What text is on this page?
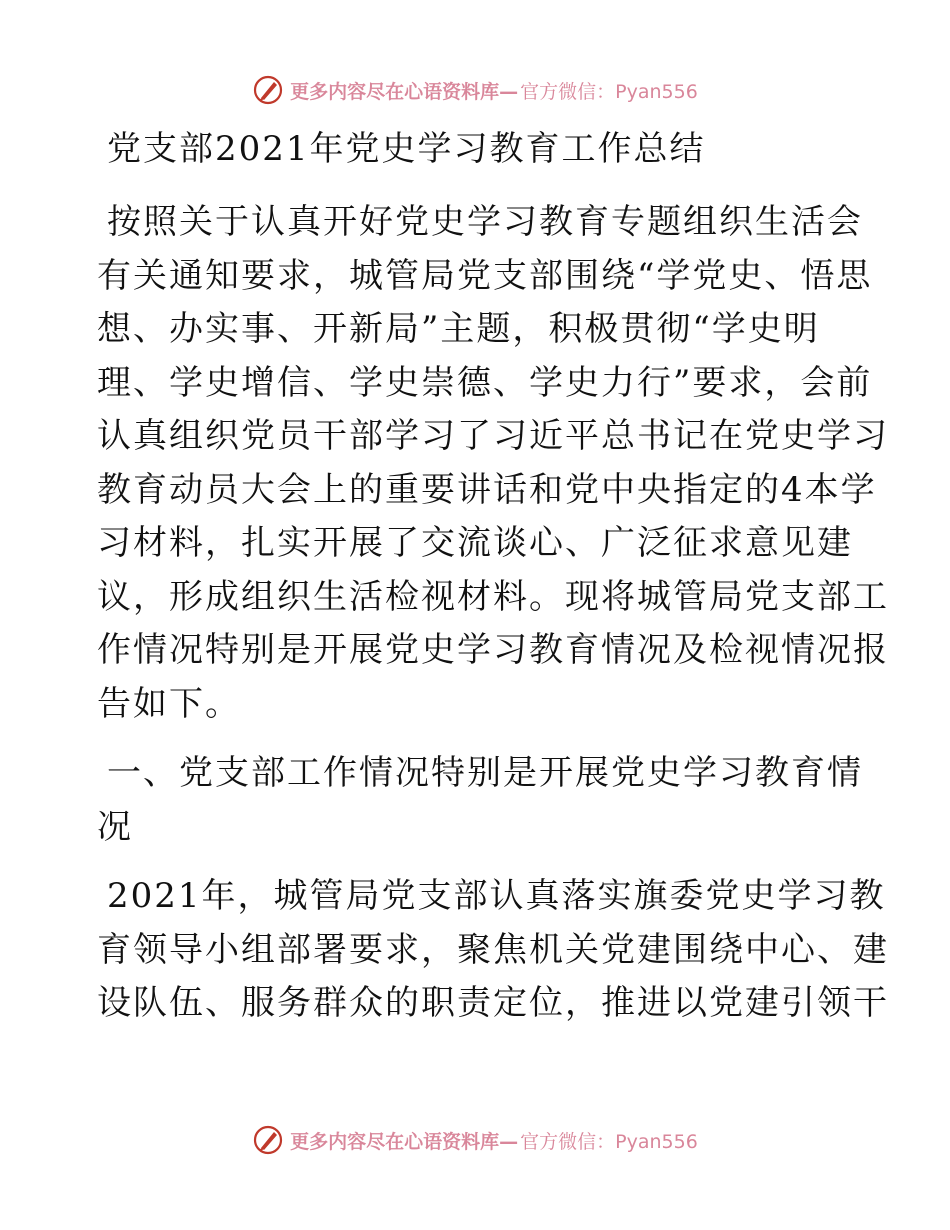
更多内容尽在心语资料库— 官方微信：Pyan556
党支部2021年党史学习教育工作总结

按照关于认真开好党史学习教育专题组织生活会
有关通知要求，城管局党支部围绕“学党史、悟思
想、办实事、开新局”主题，积极贯彻“学史明
理、学史增信、学史崇德、学史力行”要求，会前
认真组织党员干部学习了习近平总书记在党史学习
教育动员大会上的重要讲话和党中央指定的4本学
习材料，扎实开展了交流谈心、广泛征求意见建
议，形成组织生活检视材料。现将城管局党支部工
作情况特别是开展党史学习教育情况及检视情况报
告如下。

一、党支部工作情况特别是开展党史学习教育情
况

2021年，城管局党支部认真落实旗委党史学习教
育领导小组部署要求，聚焦机关党建围绕中心、建
设队伍、服务群众的职责定位，推进以党建引领干

更多内容尽在心语资料库— 官方微信：Pyan556
